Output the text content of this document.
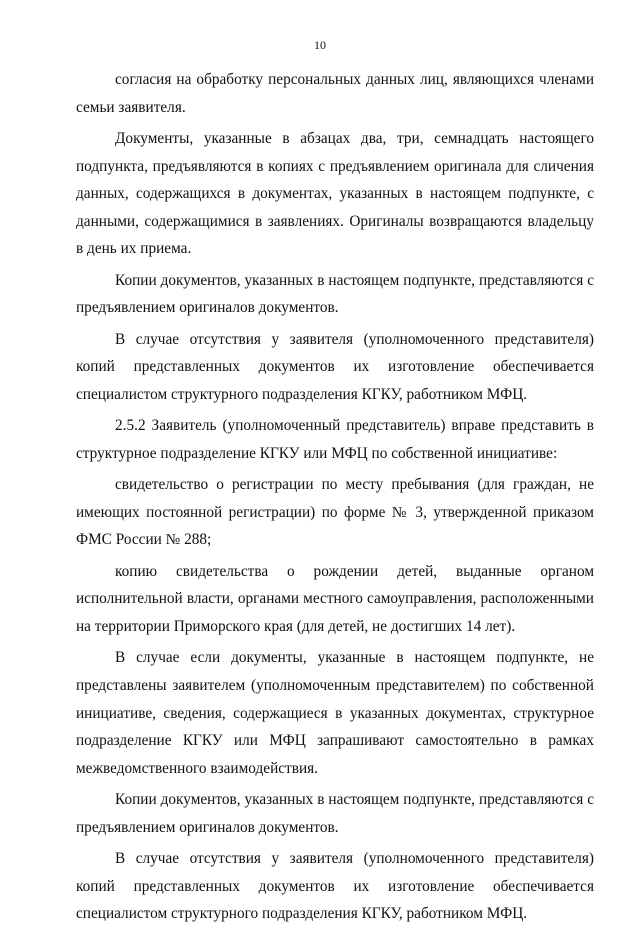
10

согласия на обработку персональных данных лиц, являющихся членами семьи заявителя.

Документы, указанные в абзацах два, три, семнадцать настоящего подпункта, предъявляются в копиях с предъявлением оригинала для сличения данных, содержащихся в документах, указанных в настоящем подпункте, с данными, содержащимися в заявлениях. Оригиналы возвращаются владельцу в день их приема.

Копии документов, указанных в настоящем подпункте, представляются с предъявлением оригиналов документов.

В случае отсутствия у заявителя (уполномоченного представителя) копий представленных документов их изготовление обеспечивается специалистом структурного подразделения КГКУ, работником МФЦ.

2.5.2 Заявитель (уполномоченный представитель) вправе представить в структурное подразделение КГКУ или МФЦ по собственной инициативе:

свидетельство о регистрации по месту пребывания (для граждан, не имеющих постоянной регистрации) по форме № 3, утвержденной приказом ФМС России № 288;

копию свидетельства о рождении детей, выданные органом исполнительной власти, органами местного самоуправления, расположенными на территории Приморского края (для детей, не достигших 14 лет).

В случае если документы, указанные в настоящем подпункте, не представлены заявителем (уполномоченным представителем) по собственной инициативе, сведения, содержащиеся в указанных документах, структурное подразделение КГКУ или МФЦ запрашивают самостоятельно в рамках межведомственного взаимодействия.

Копии документов, указанных в настоящем подпункте, представляются с предъявлением оригиналов документов.

В случае отсутствия у заявителя (уполномоченного представителя) копий представленных документов их изготовление обеспечивается специалистом структурного подразделения КГКУ, работником МФЦ.
